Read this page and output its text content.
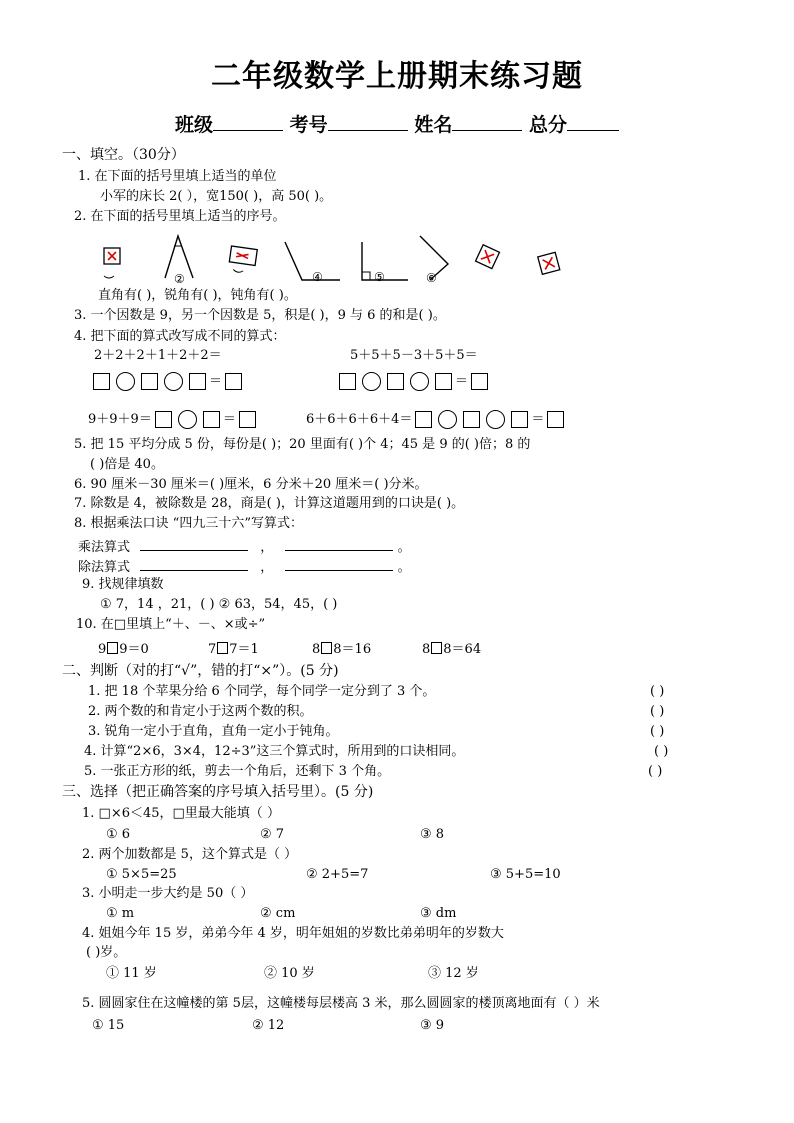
二年级数学上册期末练习题
班级	考号	姓名	总分
一、填空。（30分）
1. 在下面的括号里填上适当的单位
小军的床长 2( ），宽150( )，高 50( )。
2. 在下面的括号里填上适当的序号。
②	④	⑤	⑥
直角有( )，锐角有( )，钝角有( )。
3. 一个因数是 9，另一个因数是 5，积是( )，9 与 6 的和是( )。
4. 把下面的算式改写成不同的算式：
2＋2＋2＋1＋2＋2＝	5＋5＋5－3＋5＋5＝
＝	＝
9＋9＋9＝	＝	6＋6＋6＋6＋4＝	＝
5. 把 15 平均分成 5 份，每份是( )；20 里面有( )个 4；45 是 9 的( )倍；8 的
( )倍是 40。
6. 90 厘米－30 厘米＝( )厘米，6 分米＋20 厘米＝( )分米。
7. 除数是 4，被除数是 28，商是( )，计算这道题用到的口诀是( )。
8. 根据乘法口诀 “四九三十六”写算式：
乘法算式	，	。
除法算式	，	。
9. 找规律填数
① 7，14 ，21，( ) ② 63，54，45，( )
10. 在□里填上“＋、－、×或÷”
9 9＝0	7 7＝1	8 8＝16	8 8＝64
二、判断（对的打“√”，错的打“×”）。(5 分)
1. 把 18 个苹果分给 6 个同学，每个同学一定分到了 3 个。	( )
2. 两个数的和肯定小于这两个数的积。	( )
3. 锐角一定小于直角，直角一定小于钝角。	( )
4. 计算“2×6，3×4，12÷3”这三个算式时，所用到的口诀相同。	( )
5. 一张正方形的纸，剪去一个角后，还剩下 3 个角。	( )
三、选择（把正确答案的序号填入括号里）。(5 分)
1. □×6＜45，□里最大能填（ ）
① 6	② 7	③ 8
2. 两个加数都是 5，这个算式是（ ）
① 5×5=25	② 2+5=7	③ 5+5=10
3. 小明走一步大约是 50（ ）
① m	② cm	③ dm
4. 姐姐今年 15 岁，弟弟今年 4 岁，明年姐姐的岁数比弟弟明年的岁数大
( )岁。
① 11 岁	② 10 岁	③ 12 岁
5. 圆圆家住在这幢楼的第 5层，这幢楼每层楼高 3 米，那么圆圆家的楼顶离地面有（ ）米
① 15	② 12	③ 9
